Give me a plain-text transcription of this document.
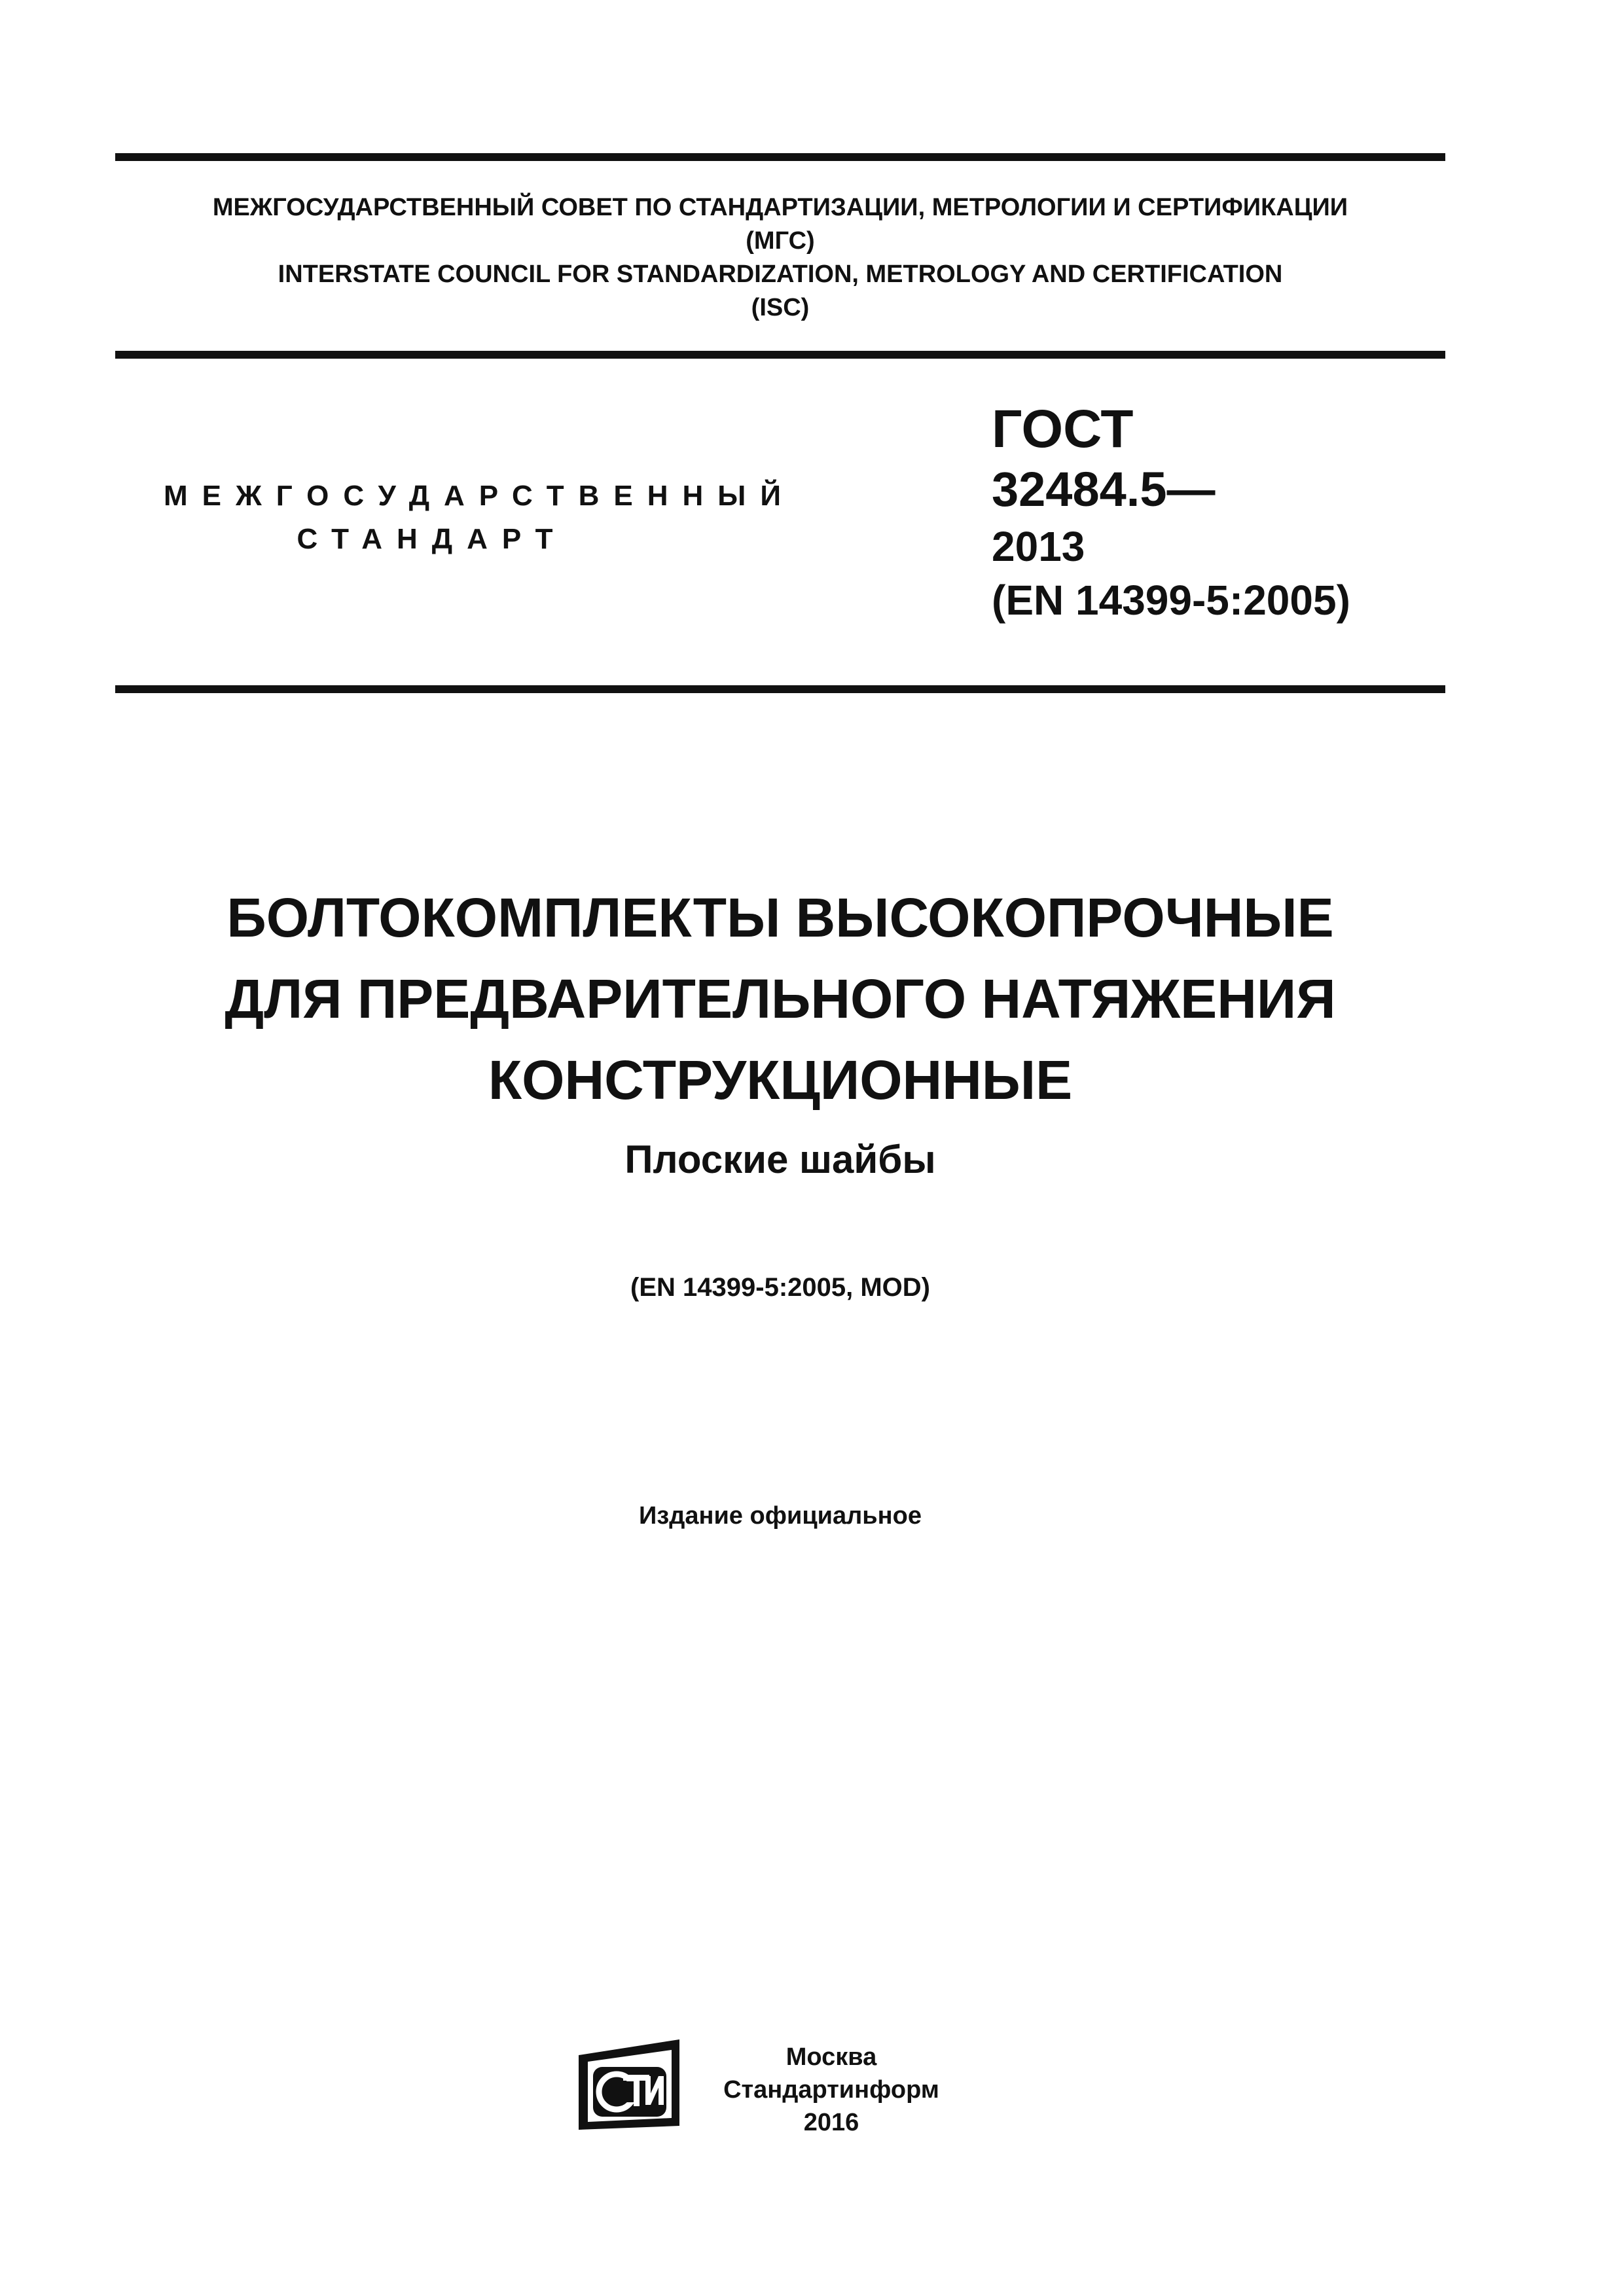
МЕЖГОСУДАРСТВЕННЫЙ СОВЕТ ПО СТАНДАРТИЗАЦИИ, МЕТРОЛОГИИ И СЕРТИФИКАЦИИ
(МГС)
INTERSTATE COUNCIL FOR STANDARDIZATION, METROLOGY AND CERTIFICATION
(ISC)
МЕЖГОСУДАРСТВЕННЫЙ
СТАНДАРТ
ГОСТ
32484.5—
2013
(EN 14399-5:2005)
БОЛТОКОМПЛЕКТЫ ВЫСОКОПРОЧНЫЕ
ДЛЯ ПРЕДВАРИТЕЛЬНОГО НАТЯЖЕНИЯ
КОНСТРУКЦИОННЫЕ
Плоские шайбы
(EN 14399-5:2005, MOD)
Издание официальное
Москва
Стандартинформ
2016
